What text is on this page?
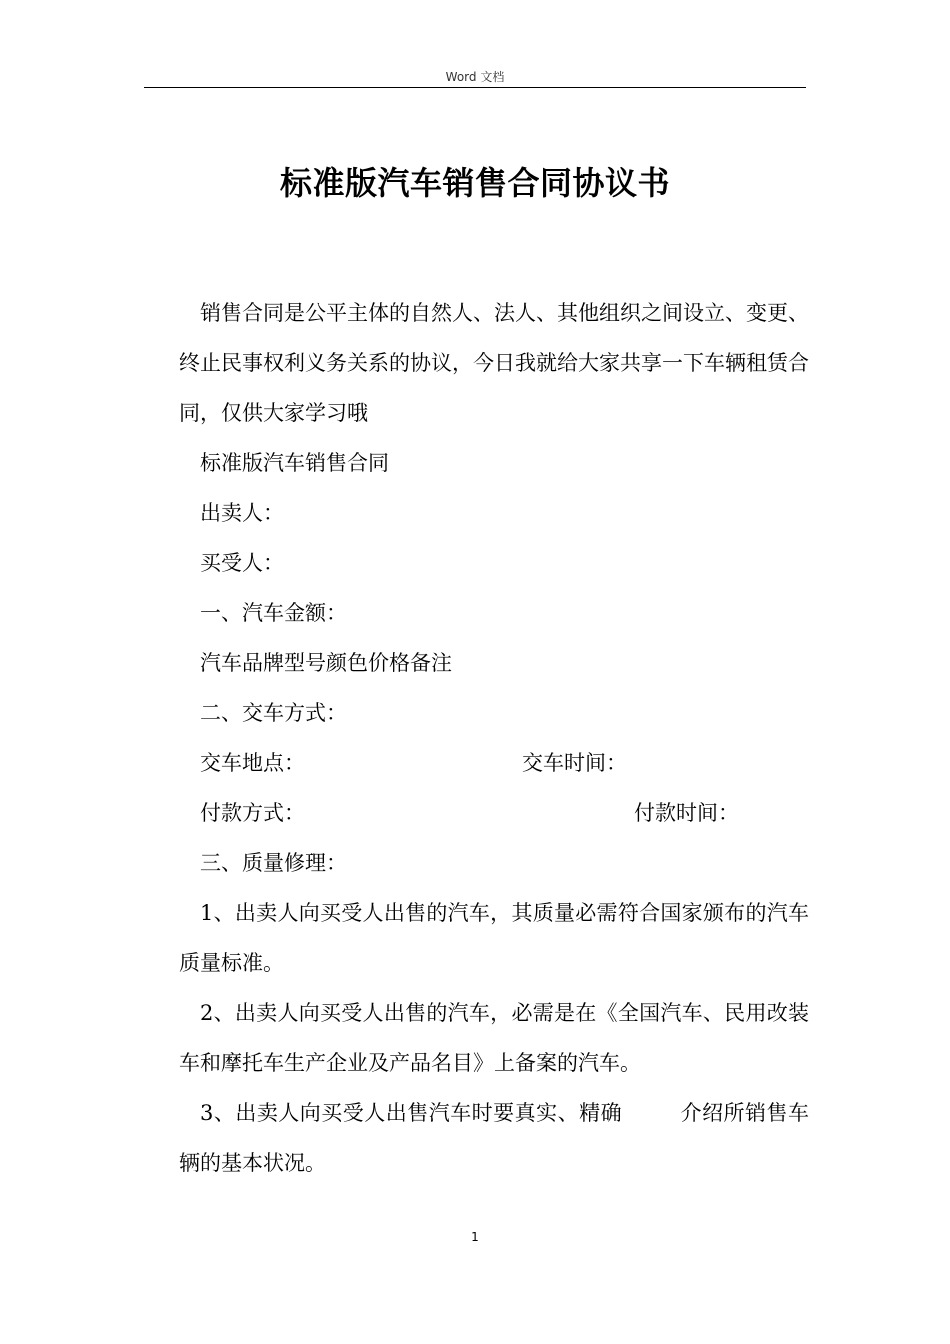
Word 文档
标准版汽车销售合同协议书

销售合同是公平主体的自然人、法人、其他组织之间设立、变更、终止民事权利义务关系的协议，今日我就给大家共享一下车辆租赁合同，仅供大家学习哦

标准版汽车销售合同

出卖人：

买受人：

一、汽车金额：

汽车品牌型号颜色价格备注

二、交车方式：

交车地点：	交车时间：

付款方式：	付款时间：

三、质量修理：

1、出卖人向买受人出售的汽车，其质量必需符合国家颁布的汽车质量标准。

2、出卖人向买受人出售的汽车，必需是在《全国汽车、民用改装车和摩托车生产企业及产品名目》上备案的汽车。

3、出卖人向买受人出售汽车时要真实、精确	介绍所销售车辆的基本状况。

1
